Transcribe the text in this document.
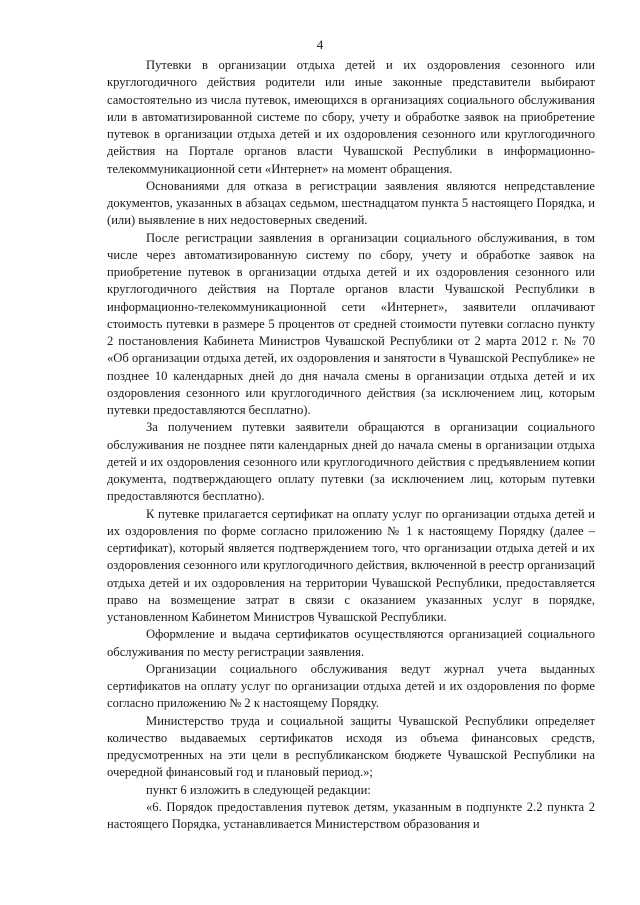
4

Путевки в организации отдыха детей и их оздоровления сезонного или круглогодичного действия родители или иные законные представители выбирают самостоятельно из числа путевок, имеющихся в организациях социального обслуживания или в автоматизированной системе по сбору, учету и обработке заявок на приобретение путевок в организации отдыха детей и их оздоровления сезонного или круглогодичного действия на Портале органов власти Чувашской Республики в информационно-телекоммуникационной сети «Интернет» на момент обращения.

Основаниями для отказа в регистрации заявления являются непредставление документов, указанных в абзацах седьмом, шестнадцатом пункта 5 настоящего Порядка, и (или) выявление в них недостоверных сведений.

После регистрации заявления в организации социального обслуживания, в том числе через автоматизированную систему по сбору, учету и обработке заявок на приобретение путевок в организации отдыха детей и их оздоровления сезонного или круглогодичного действия на Портале органов власти Чувашской Республики в информационно-телекоммуникационной сети «Интернет», заявители оплачивают стоимость путевки в размере 5 процентов от средней стоимости путевки согласно пункту 2 постановления Кабинета Министров Чувашской Республики от 2 марта 2012 г. № 70 «Об организации отдыха детей, их оздоровления и занятости в Чувашской Республике» не позднее 10 календарных дней до дня начала смены в организации отдыха детей и их оздоровления сезонного или круглогодичного действия (за исключением лиц, которым путевки предоставляются бесплатно).

За получением путевки заявители обращаются в организации социального обслуживания не позднее пяти календарных дней до начала смены в организации отдыха детей и их оздоровления сезонного или круглогодичного действия с предъявлением копии документа, подтверждающего оплату путевки (за исключением лиц, которым путевки предоставляются бесплатно).

К путевке прилагается сертификат на оплату услуг по организации отдыха детей и их оздоровления по форме согласно приложению № 1 к настоящему Порядку (далее – сертификат), который является подтверждением того, что организации отдыха детей и их оздоровления сезонного или круглогодичного действия, включенной в реестр организаций отдыха детей и их оздоровления на территории Чувашской Республики, предоставляется право на возмещение затрат в связи с оказанием указанных услуг в порядке, установленном Кабинетом Министров Чувашской Республики.

Оформление и выдача сертификатов осуществляются организацией социального обслуживания по месту регистрации заявления.

Организации социального обслуживания ведут журнал учета выданных сертификатов на оплату услуг по организации отдыха детей и их оздоровления по форме согласно приложению № 2 к настоящему Порядку.

Министерство труда и социальной защиты Чувашской Республики определяет количество выдаваемых сертификатов исходя из объема финансовых средств, предусмотренных на эти цели в республиканском бюджете Чувашской Республики на очередной финансовый год и плановый период.»;

пункт 6 изложить в следующей редакции:

«6. Порядок предоставления путевок детям, указанным в подпункте 2.2 пункта 2 настоящего Порядка, устанавливается Министерством образования и
